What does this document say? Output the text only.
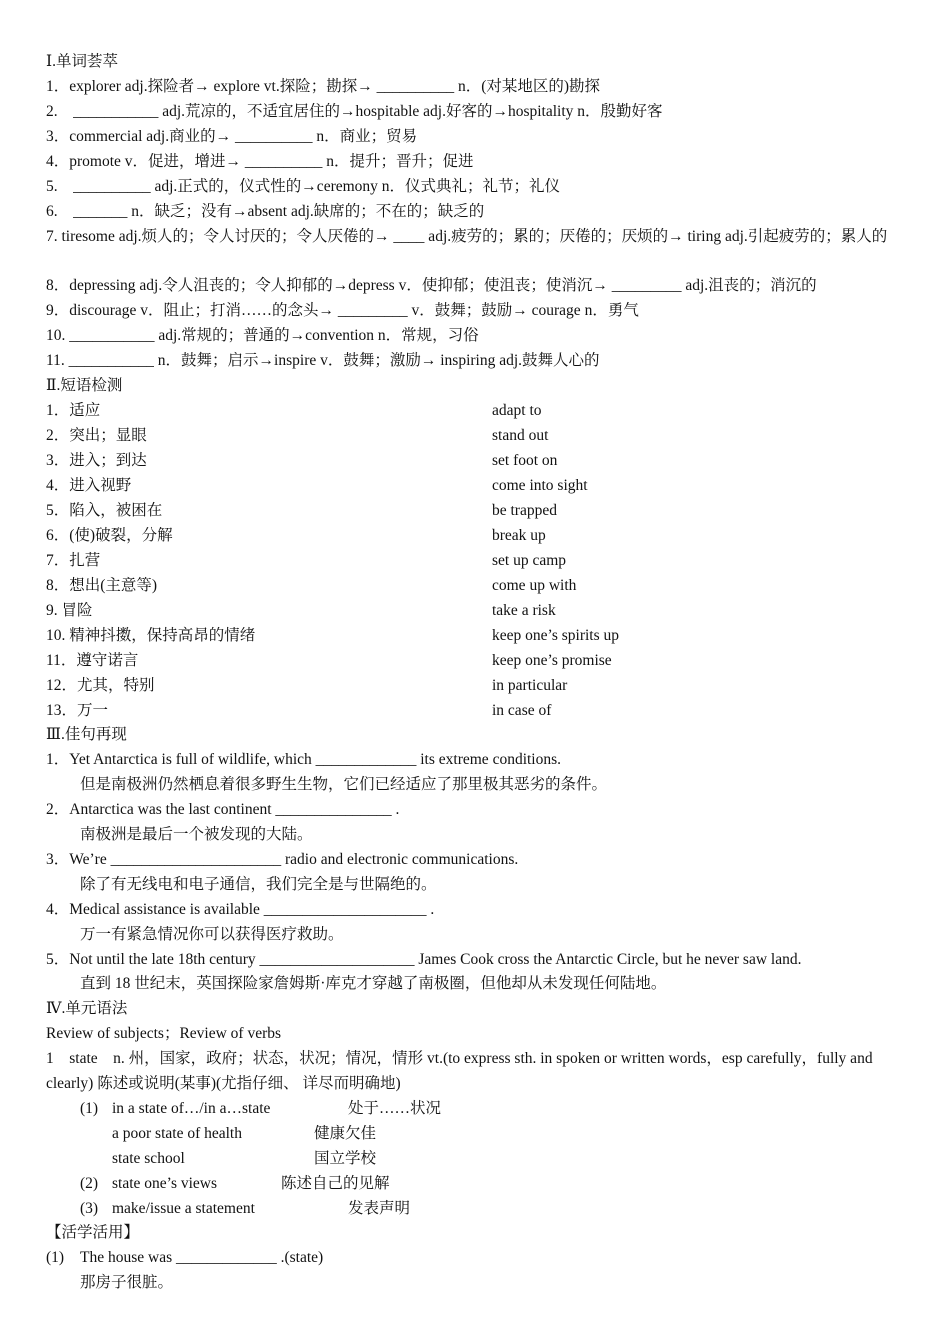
Ⅰ.单词荟萃
1．explorer adj.探险者→ explore vt.探险；勘探→ __________ n．(对某地区的)勘探
2.　___________ adj.荒凉的，不适宜居住的→hospitable adj.好客的→hospitality n．殷勤好客
3．commercial adj.商业的→ __________ n．商业；贸易
4．promote v．促进，增进→ __________ n．提升；晋升；促进
5.　__________ adj.正式的，仪式性的→ceremony n．仪式典礼；礼节；礼仪
6.　_______ n．缺乏；没有→absent adj.缺席的；不在的；缺乏的
7. tiresome adj.烦人的；令人讨厌的；令人厌倦的→ ____ adj.疲劳的；累的；厌倦的；厌烦的→ tiring adj.引起疲劳的；累人的
8．depressing adj.令人沮丧的；令人抑郁的→depress v．使抑郁；使沮丧；使消沉→ _________ adj.沮丧的；消沉的
9．discourage v．阻止；打消……的念头→ _________ v．鼓舞；鼓励→ courage n．勇气
10. ___________ adj.常规的；普通的→convention n．常规，习俗
11. ___________ n．鼓舞；启示→inspire v．鼓舞；激励→ inspiring adj.鼓舞人心的
Ⅱ.短语检测
1．适应	adapt to
2．突出；显眼	stand out
3．进入；到达	set foot on
4．进入视野	come into sight
5．陷入，被困在	be trapped
6．(使)破裂，分解	break up
7．扎营	set up camp
8．想出(主意等)	come up with
9. 冒险	take a risk
10. 精神抖擞，保持高昂的情绪	keep one’s spirits up
11．遵守诺言	keep one’s promise
12．尤其，特别	in particular
13．万一	in case of
Ⅲ.佳句再现
1．Yet Antarctica is full of wildlife, which _____________ its extreme conditions.
但是南极洲仍然栖息着很多野生生物，它们已经适应了那里极其恶劣的条件。
2．Antarctica was the last continent _______________ .
南极洲是最后一个被发现的大陆。
3．We’re ______________________ radio and electronic communications.
除了有无线电和电子通信，我们完全是与世隔绝的。
4．Medical assistance is available _____________________ .
万一有紧急情况你可以获得医疗救助。
5．Not until the late 18th century ____________________ James Cook cross the Antarctic Circle, but he never saw land.
直到 18 世纪末，英国探险家詹姆斯·库克才穿越了南极圈，但他却从未发现任何陆地。
Ⅳ.单元语法
Review of subjects；Review of verbs
1　state　n. 州，国家，政府；状态，状况；情况，情形 vt.(to express sth. in spoken or written words，esp carefully，fully and clearly) 陈述或说明(某事)(尤指仔细、 详尽而明确地)
(1) in a state of…/in a…state	处于……状况
a poor state of health	健康欠佳
state school	国立学校
(2) state one’s views	陈述自己的见解
(3) make/issue a statement	发表声明
【活学活用】
(1) The house was _____________ .(state)
那房子很脏。
